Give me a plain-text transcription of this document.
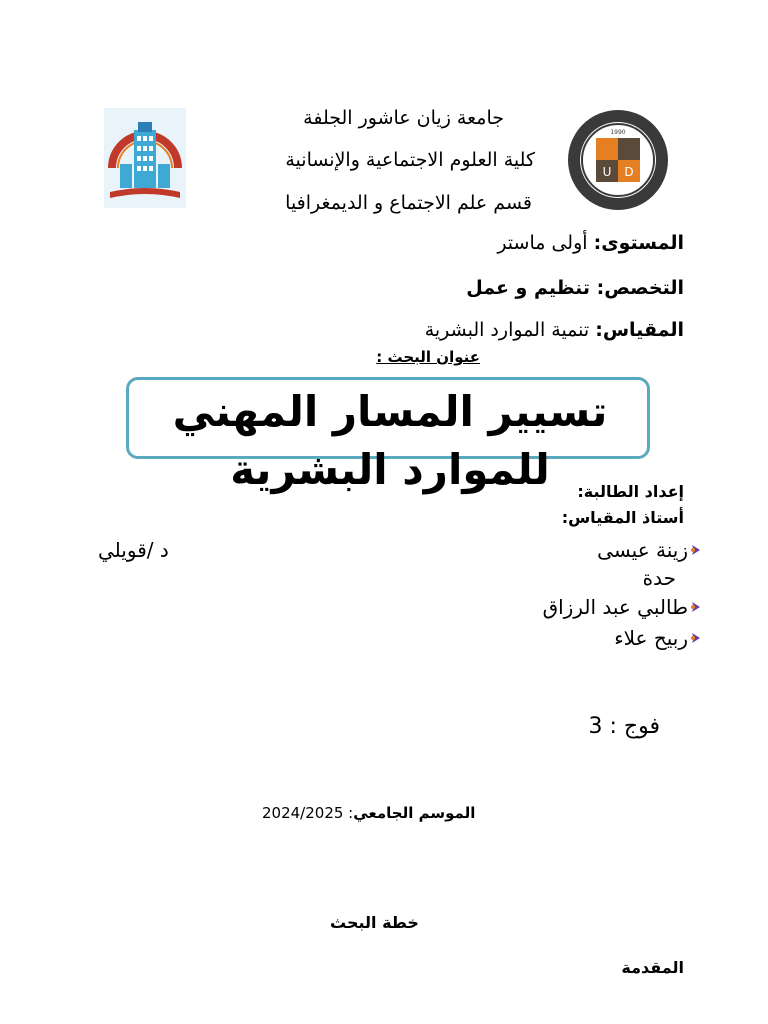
U D
1990
جامعة زيان عاشور الجلفة
كلية العلوم الاجتماعية والإنسانية
قسم علم الاجتماع و الديمغرافيا
المستوى: أولى ماستر
التخصص: تنظيم و عمل
المقياس: تنمية الموارد البشرية
عنوان البحث :
تسيير المسار المهني للموارد البشرية	إعداد الطالبة:
أستاذ المقياس:
زينة عيسى
حدة
طالبي عبد الرزاق
ربيح علاء
د /قويلي
فوج : 3
الموسم الجامعي: 2024/2025
خطة البحث
المقدمة
